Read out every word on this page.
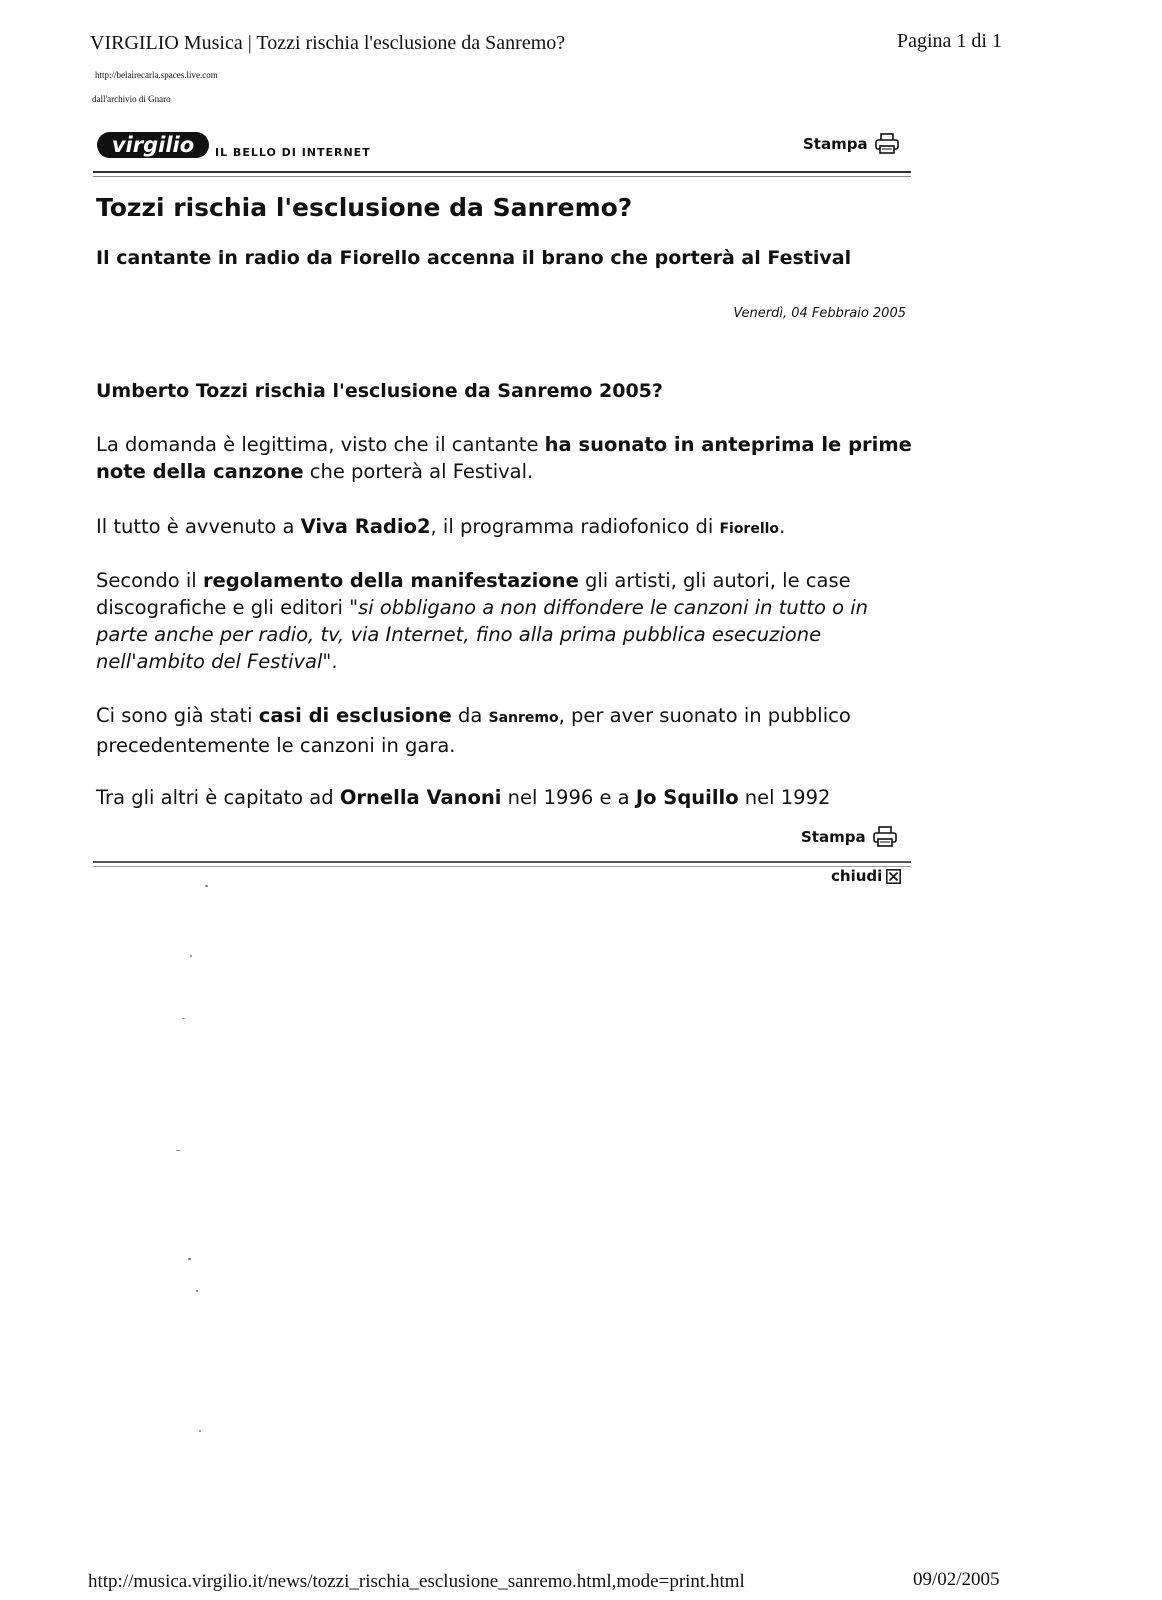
VIRGILIO Musica | Tozzi rischia l'esclusione da Sanremo?	Pagina 1 di 1
http://belairecarla.spaces.live.com
dall'archivio di Gnaro
virgilio IL BELLO DI INTERNET	Stampa
Tozzi rischia l'esclusione da Sanremo?
Il cantante in radio da Fiorello accenna il brano che porterà al Festival
Venerdì, 04 Febbraio 2005
Umberto Tozzi rischia l'esclusione da Sanremo 2005?

La domanda è legittima, visto che il cantante ha suonato in anteprima le prime note della canzone che porterà al Festival.

Il tutto è avvenuto a Viva Radio2, il programma radiofonico di Fiorello.

Secondo il regolamento della manifestazione gli artisti, gli autori, le case discografiche e gli editori "si obbligano a non diffondere le canzoni in tutto o in parte anche per radio, tv, via Internet, fino alla prima pubblica esecuzione nell'ambito del Festival".

Ci sono già stati casi di esclusione da Sanremo, per aver suonato in pubblico precedentemente le canzoni in gara.

Tra gli altri è capitato ad Ornella Vanoni nel 1996 e a Jo Squillo nel 1992

Stampa
chiudi
http://musica.virgilio.it/news/tozzi_rischia_esclusione_sanremo.html,mode=print.html	09/02/2005
